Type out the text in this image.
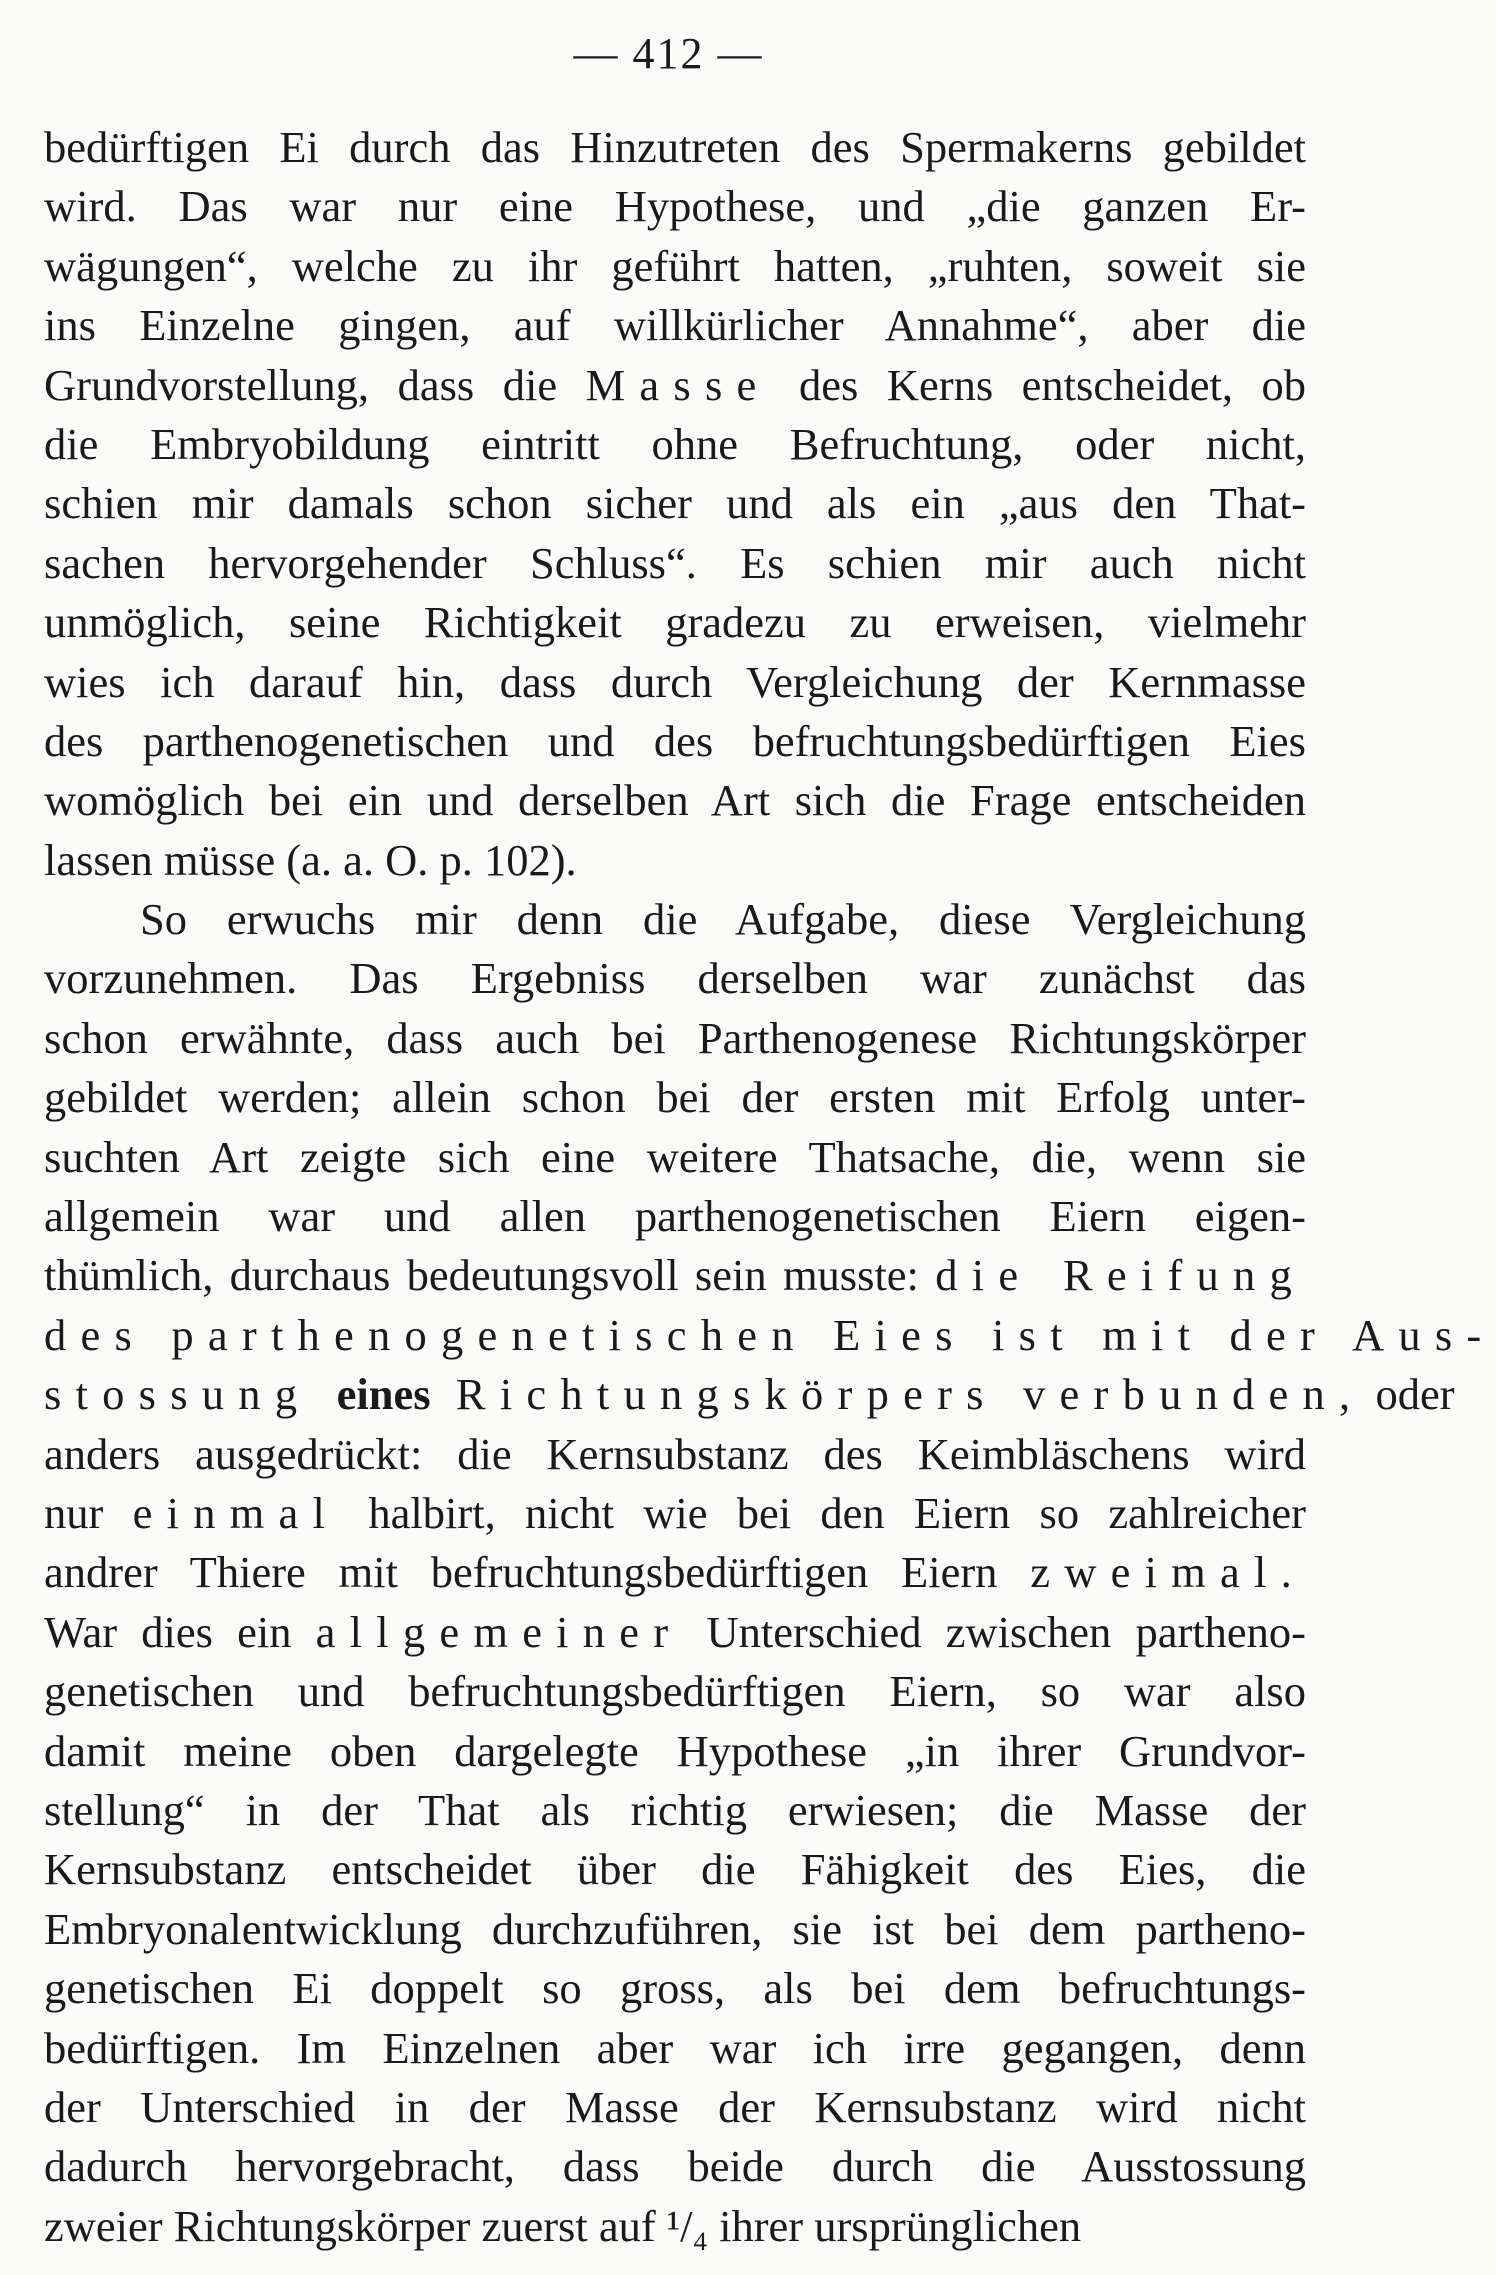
— 412 —
bedürftigen Ei durch das Hinzutreten des Spermakerns gebildet
wird. Das war nur eine Hypothese, und „die ganzen Er-
wägungen“, welche zu ihr geführt hatten, „ruhten, soweit sie
ins Einzelne gingen, auf willkürlicher Annahme“, aber die
Grundvorstellung, dass die Masse des Kerns entscheidet, ob
die Embryobildung eintritt ohne Befruchtung, oder nicht,
schien mir damals schon sicher und als ein „aus den That-
sachen hervorgehender Schluss“. Es schien mir auch nicht
unmöglich, seine Richtigkeit gradezu zu erweisen, vielmehr
wies ich darauf hin, dass durch Vergleichung der Kernmasse
des parthenogenetischen und des befruchtungsbedürftigen Eies
womöglich bei ein und derselben Art sich die Frage entscheiden
lassen müsse (a. a. O. p. 102).
So erwuchs mir denn die Aufgabe, diese Vergleichung
vorzunehmen. Das Ergebniss derselben war zunächst das
schon erwähnte, dass auch bei Parthenogenese Richtungskörper
gebildet werden; allein schon bei der ersten mit Erfolg unter-
suchten Art zeigte sich eine weitere Thatsache, die, wenn sie
allgemein war und allen parthenogenetischen Eiern eigen-
thümlich, durchaus bedeutungsvoll sein musste: die Reifung
des parthenogenetischen Eies ist mit der Aus-
stossung eines Richtungskörpers verbunden, oder
anders ausgedrückt: die Kernsubstanz des Keimbläschens wird
nur einmal halbirt, nicht wie bei den Eiern so zahlreicher
andrer Thiere mit befruchtungsbedürftigen Eiern zweimal.
War dies ein allgemeiner Unterschied zwischen partheno-
genetischen und befruchtungsbedürftigen Eiern, so war also
damit meine oben dargelegte Hypothese „in ihrer Grundvor-
stellung“ in der That als richtig erwiesen; die Masse der
Kernsubstanz entscheidet über die Fähigkeit des Eies, die
Embryonalentwicklung durchzuführen, sie ist bei dem partheno-
genetischen Ei doppelt so gross, als bei dem befruchtungs-
bedürftigen. Im Einzelnen aber war ich irre gegangen, denn
der Unterschied in der Masse der Kernsubstanz wird nicht
dadurch hervorgebracht, dass beide durch die Ausstossung
zweier Richtungskörper zuerst auf ¹/₄ ihrer ursprünglichen
